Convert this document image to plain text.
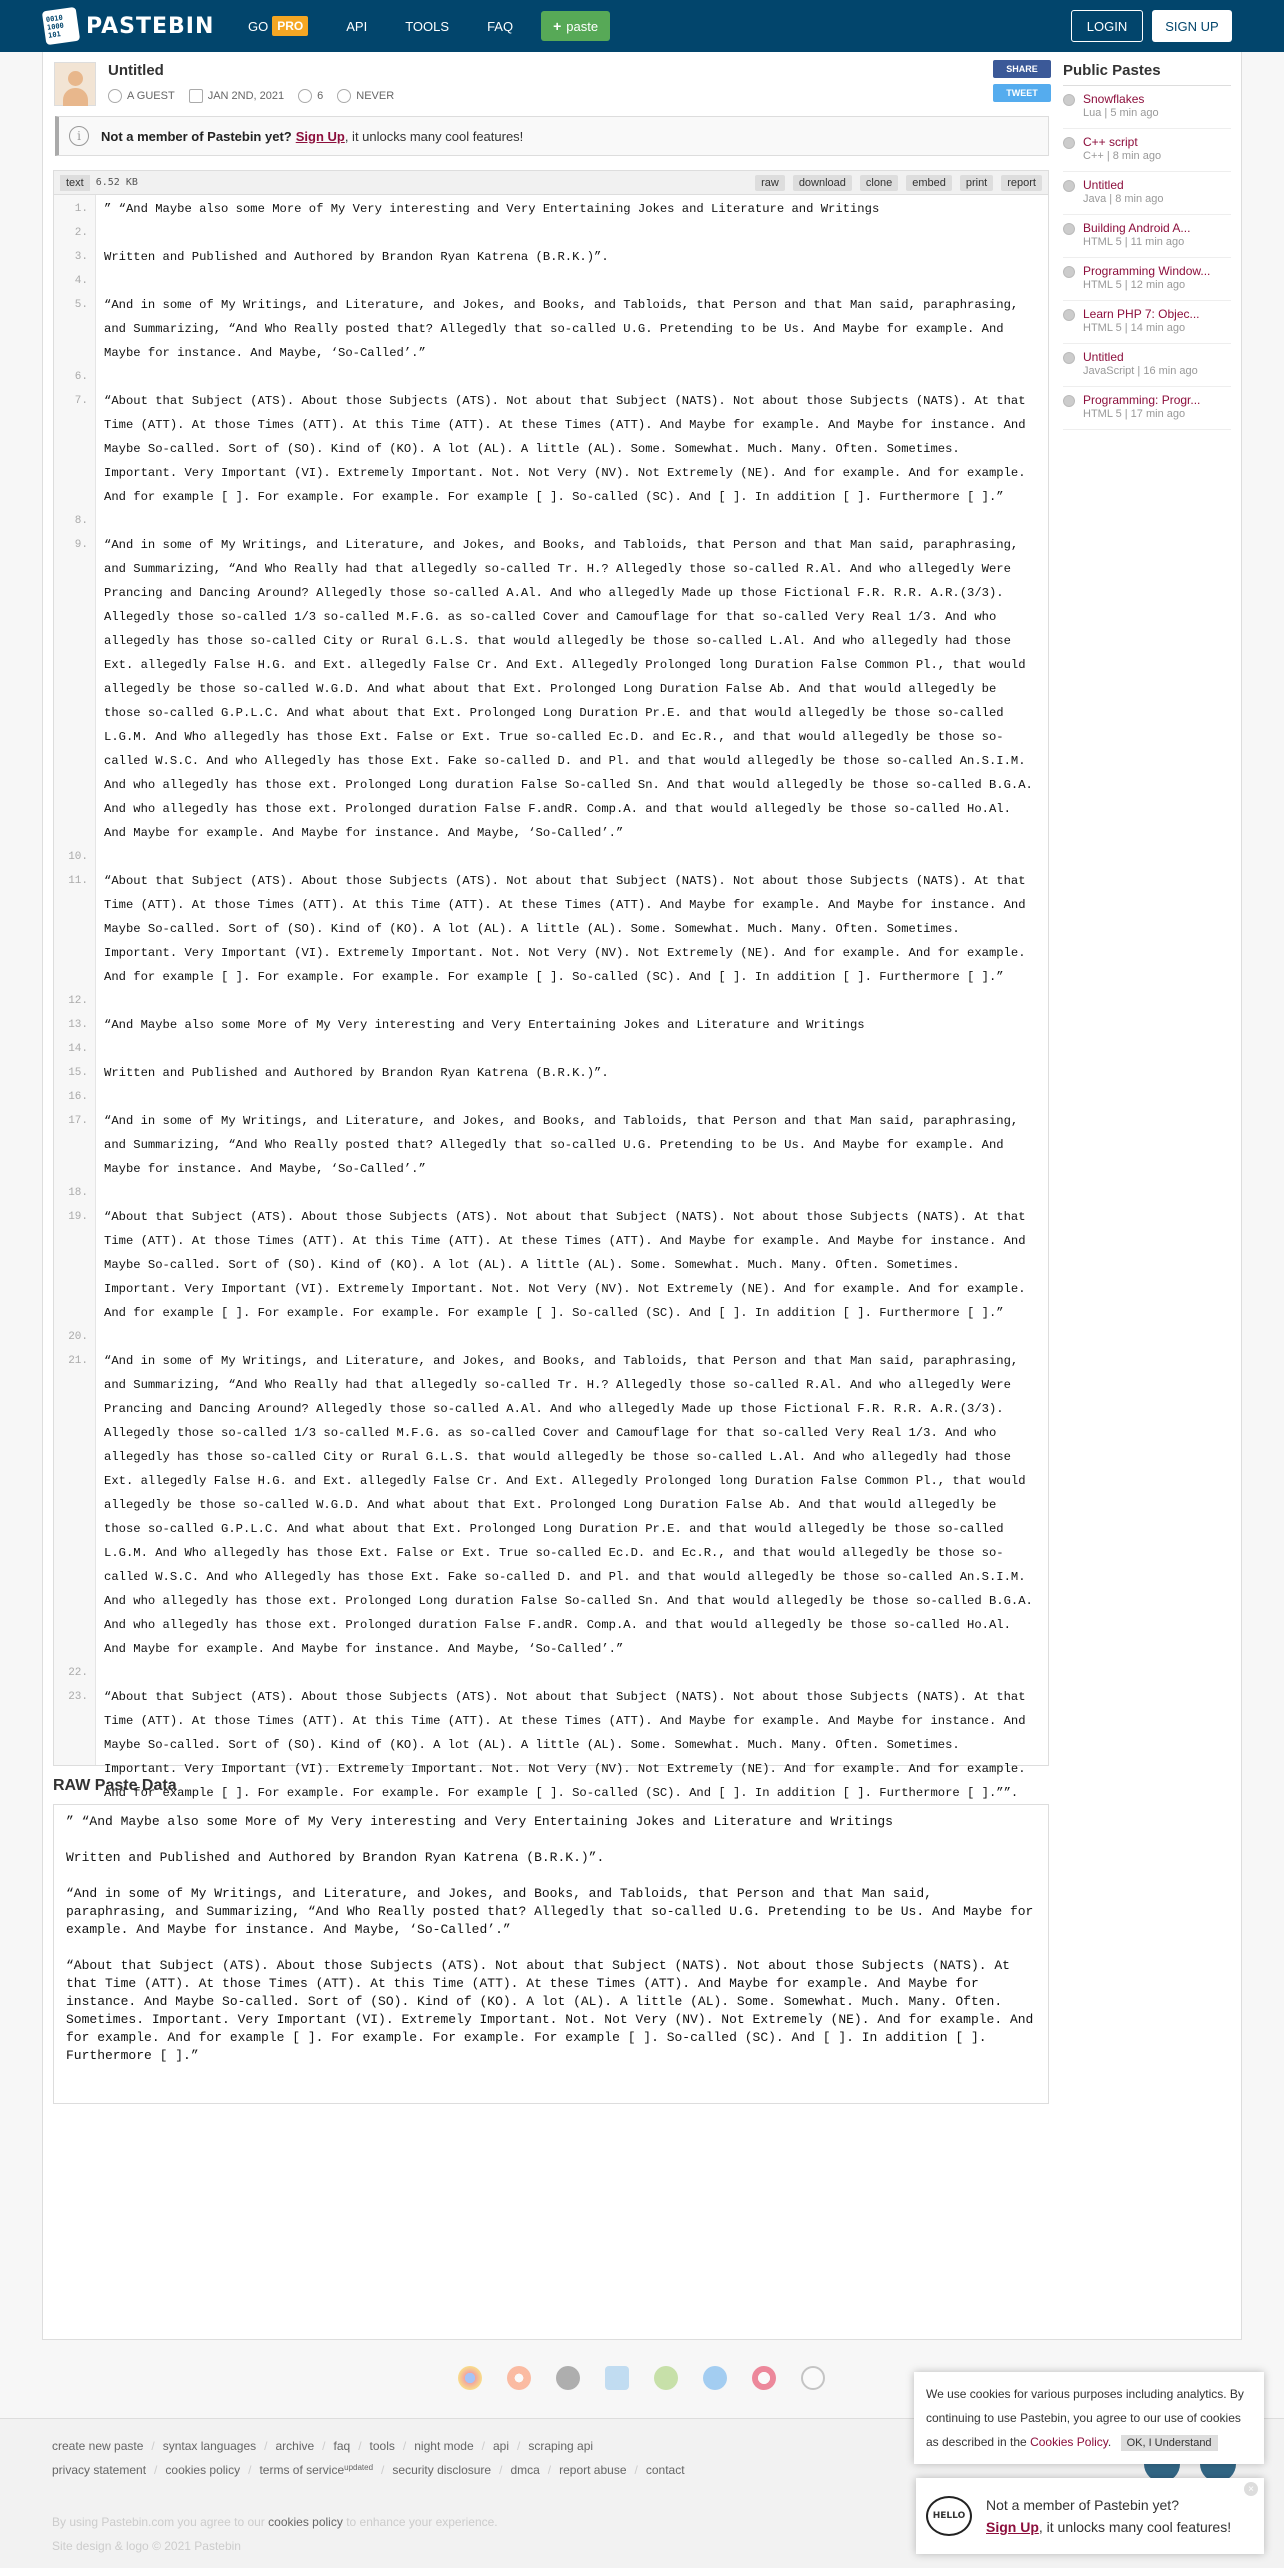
0010 1000 101	PASTEBIN	GO PRO	API	TOOLS	FAQ	+ paste	LOGIN	SIGN UP
Untitled
A GUEST	JAN 2ND, 2021	6	NEVER
SHARE
TWEET
i	Not a member of Pastebin yet? Sign Up , it unlocks many cool features!
text	6.52 KB	raw	download	clone	embed	print	report
1.	” “And Maybe also some More of My Very interesting and Very Entertaining Jokes and Literature and Writings
2.
3.	Written and Published and Authored by Brandon Ryan Katrena (B.R.K.)”.
4.
5.	“And in some of My Writings, and Literature, and Jokes, and Books, and Tabloids, that Person and that Man said, paraphrasing, and Summarizing, “And Who Really posted that? Allegedly that so-called U.G. Pretending to be Us. And Maybe for example. And Maybe for instance. And Maybe, ‘So-Called’.”
6.
7.	“About that Subject (ATS). About those Subjects (ATS). Not about that Subject (NATS). Not about those Subjects (NATS). At that Time (ATT). At those Times (ATT). At this Time (ATT). At these Times (ATT). And Maybe for example. And Maybe for instance. And Maybe So-called. Sort of (SO). Kind of (KO). A lot (AL). A little (AL). Some. Somewhat. Much. Many. Often. Sometimes. Important. Very Important (VI). Extremely Important. Not. Not Very (NV). Not Extremely (NE). And for example. And for example. And for example [ ]. For example. For example. For example [ ]. So-called (SC). And [ ]. In addition [ ]. Furthermore [ ].”
8.
9.	“And in some of My Writings, and Literature, and Jokes, and Books, and Tabloids, that Person and that Man said, paraphrasing, and Summarizing, “And Who Really had that allegedly so-called Tr. H.? Allegedly those so-called R.Al. And who allegedly Were Prancing and Dancing Around? Allegedly those so-called A.Al. And who allegedly Made up those Fictional F.R. R.R. A.R.(3/3). Allegedly those so-called 1/3 so-called M.F.G. as so-called Cover and Camouflage for that so-called Very Real 1/3. And who allegedly has those so-called City or Rural G.L.S. that would allegedly be those so-called L.Al. And who allegedly had those Ext. allegedly False H.G. and Ext. allegedly False Cr. And Ext. Allegedly Prolonged long Duration False Common Pl., that would allegedly be those so-called W.G.D. And what about that Ext. Prolonged Long Duration False Ab. And that would allegedly be those so-called G.P.L.C. And what about that Ext. Prolonged Long Duration Pr.E. and that would allegedly be those so-called L.G.M. And Who allegedly has those Ext. False or Ext. True so-called Ec.D. and Ec.R., and that would allegedly be those so-called W.S.C. And who Allegedly has those Ext. Fake so-called D. and Pl. and that would allegedly be those so-called An.S.I.M. And who allegedly has those ext. Prolonged Long duration False So-called Sn. And that would allegedly be those so-called B.G.A. And who allegedly has those ext. Prolonged duration False F.andR. Comp.A. and that would allegedly be those so-called Ho.Al. And Maybe for example. And Maybe for instance. And Maybe, ‘So-Called’.”
10.
11.	“About that Subject (ATS). About those Subjects (ATS). Not about that Subject (NATS). Not about those Subjects (NATS). At that Time (ATT). At those Times (ATT). At this Time (ATT). At these Times (ATT). And Maybe for example. And Maybe for instance. And Maybe So-called. Sort of (SO). Kind of (KO). A lot (AL). A little (AL). Some. Somewhat. Much. Many. Often. Sometimes. Important. Very Important (VI). Extremely Important. Not. Not Very (NV). Not Extremely (NE). And for example. And for example. And for example [ ]. For example. For example. For example [ ]. So-called (SC). And [ ]. In addition [ ]. Furthermore [ ].”
12.
13.	“And Maybe also some More of My Very interesting and Very Entertaining Jokes and Literature and Writings
14.
15.	Written and Published and Authored by Brandon Ryan Katrena (B.R.K.)”.
16.
17.	“And in some of My Writings, and Literature, and Jokes, and Books, and Tabloids, that Person and that Man said, paraphrasing, and Summarizing, “And Who Really posted that? Allegedly that so-called U.G. Pretending to be Us. And Maybe for example. And Maybe for instance. And Maybe, ‘So-Called’.”
18.
19.	“About that Subject (ATS). About those Subjects (ATS). Not about that Subject (NATS). Not about those Subjects (NATS). At that Time (ATT). At those Times (ATT). At this Time (ATT). At these Times (ATT). And Maybe for example. And Maybe for instance. And Maybe So-called. Sort of (SO). Kind of (KO). A lot (AL). A little (AL). Some. Somewhat. Much. Many. Often. Sometimes. Important. Very Important (VI). Extremely Important. Not. Not Very (NV). Not Extremely (NE). And for example. And for example. And for example [ ]. For example. For example. For example [ ]. So-called (SC). And [ ]. In addition [ ]. Furthermore [ ].”
20.
21.	“And in some of My Writings, and Literature, and Jokes, and Books, and Tabloids, that Person and that Man said, paraphrasing, and Summarizing, “And Who Really had that allegedly so-called Tr. H.? Allegedly those so-called R.Al. And who allegedly Were Prancing and Dancing Around? Allegedly those so-called A.Al. And who allegedly Made up those Fictional F.R. R.R. A.R.(3/3). Allegedly those so-called 1/3 so-called M.F.G. as so-called Cover and Camouflage for that so-called Very Real 1/3. And who allegedly has those so-called City or Rural G.L.S. that would allegedly be those so-called L.Al. And who allegedly had those Ext. allegedly False H.G. and Ext. allegedly False Cr. And Ext. Allegedly Prolonged long Duration False Common Pl., that would allegedly be those so-called W.G.D. And what about that Ext. Prolonged Long Duration False Ab. And that would allegedly be those so-called G.P.L.C. And what about that Ext. Prolonged Long Duration Pr.E. and that would allegedly be those so-called L.G.M. And Who allegedly has those Ext. False or Ext. True so-called Ec.D. and Ec.R., and that would allegedly be those so-called W.S.C. And who Allegedly has those Ext. Fake so-called D. and Pl. and that would allegedly be those so-called An.S.I.M. And who allegedly has those ext. Prolonged Long duration False So-called Sn. And that would allegedly be those so-called B.G.A. And who allegedly has those ext. Prolonged duration False F.andR. Comp.A. and that would allegedly be those so-called Ho.Al. And Maybe for example. And Maybe for instance. And Maybe, ‘So-Called’.”
22.
23.	“About that Subject (ATS). About those Subjects (ATS). Not about that Subject (NATS). Not about those Subjects (NATS). At that Time (ATT). At those Times (ATT). At this Time (ATT). At these Times (ATT). And Maybe for example. And Maybe for instance. And Maybe So-called. Sort of (SO). Kind of (KO). A lot (AL). A little (AL). Some. Somewhat. Much. Many. Often. Sometimes. Important. Very Important (VI). Extremely Important. Not. Not Very (NV). Not Extremely (NE). And for example. And for example. And for example [ ]. For example. For example. For example [ ]. So-called (SC). And [ ]. In addition [ ]. Furthermore [ ].””.
RAW Paste Data

” “And Maybe also some More of My Very interesting and Very Entertaining Jokes and Literature and Writings

Written and Published and Authored by Brandon Ryan Katrena (B.R.K.)”.

“And in some of My Writings, and Literature, and Jokes, and Books, and Tabloids, that Person and that Man said, paraphrasing, and Summarizing, “And Who Really posted that? Allegedly that so-called U.G. Pretending to be Us. And Maybe for example. And Maybe for instance. And Maybe, ‘So-Called’.”

“About that Subject (ATS). About those Subjects (ATS). Not about that Subject (NATS). Not about those Subjects (NATS). At that Time (ATT). At those Times (ATT). At this Time (ATT). At these Times (ATT). And Maybe for example. And Maybe for instance. And Maybe So-called. Sort of (SO). Kind of (KO). A lot (AL). A little (AL). Some. Somewhat. Much. Many. Often. Sometimes. Important. Very Important (VI). Extremely Important. Not. Not Very (NV). Not Extremely (NE). And for example. And for example. And for example [ ]. For example. For example. For example [ ]. So-called (SC). And [ ]. In addition [ ]. Furthermore [ ].”

Public Pastes
Snowflakes
Lua | 5 min ago
C++ script
C++ | 8 min ago
Untitled
Java | 8 min ago
Building Android A...
HTML 5 | 11 min ago
Programming Window...
HTML 5 | 12 min ago
Learn PHP 7: Objec...
HTML 5 | 14 min ago
Untitled
JavaScript | 16 min ago
Programming: Progr...
HTML 5 | 17 min ago
create new paste / syntax languages / archive / faq / tools / night mode / api / scraping api
privacy statement / cookies policy / terms of service updated / security disclosure / dmca / report abuse / contact
By using Pastebin.com you agree to our cookies policy to enhance your experience.
Site design & logo © 2021 Pastebin
We use cookies for various purposes including analytics. By continuing to use Pastebin, you agree to our use of cookies as described in the Cookies Policy. OK, I Understand
HELLO
Not a member of Pastebin yet?
Sign Up, it unlocks many cool features!
×
